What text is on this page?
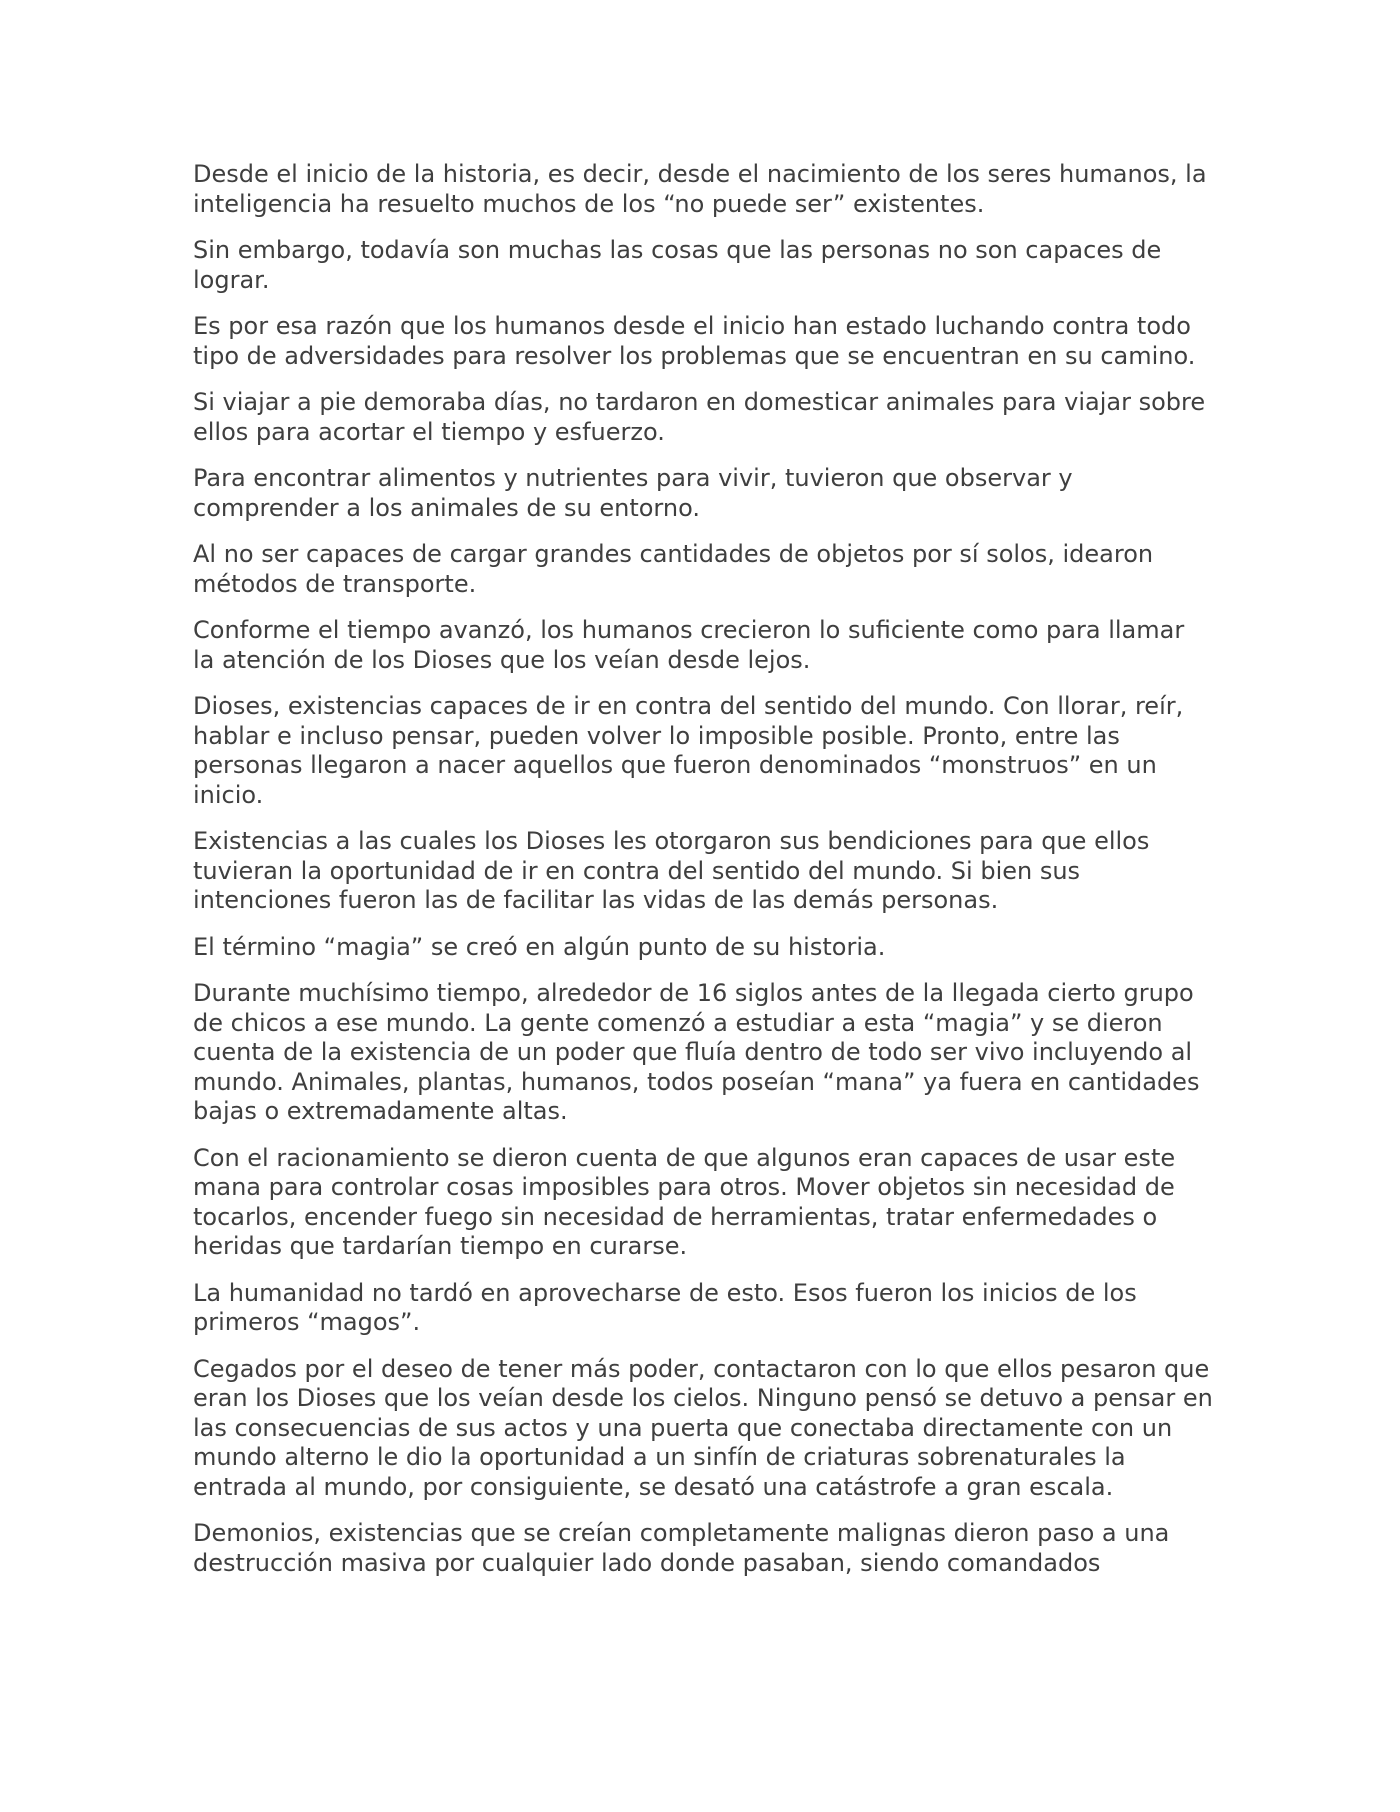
Desde el inicio de la historia, es decir, desde el nacimiento de los seres humanos, la inteligencia ha resuelto muchos de los “no puede ser” existentes.

Sin embargo, todavía son muchas las cosas que las personas no son capaces de lograr.

Es por esa razón que los humanos desde el inicio han estado luchando contra todo tipo de adversidades para resolver los problemas que se encuentran en su camino.

Si viajar a pie demoraba días, no tardaron en domesticar animales para viajar sobre ellos para acortar el tiempo y esfuerzo.

Para encontrar alimentos y nutrientes para vivir, tuvieron que observar y comprender a los animales de su entorno.

Al no ser capaces de cargar grandes cantidades de objetos por sí solos, idearon métodos de transporte.

Conforme el tiempo avanzó, los humanos crecieron lo suficiente como para llamar la atención de los Dioses que los veían desde lejos.

Dioses, existencias capaces de ir en contra del sentido del mundo. Con llorar, reír, hablar e incluso pensar, pueden volver lo imposible posible. Pronto, entre las personas llegaron a nacer aquellos que fueron denominados “monstruos” en un inicio.

Existencias a las cuales los Dioses les otorgaron sus bendiciones para que ellos tuvieran la oportunidad de ir en contra del sentido del mundo. Si bien sus intenciones fueron las de facilitar las vidas de las demás personas.

El término “magia” se creó en algún punto de su historia.

Durante muchísimo tiempo, alrededor de 16 siglos antes de la llegada cierto grupo de chicos a ese mundo. La gente comenzó a estudiar a esta “magia” y se dieron cuenta de la existencia de un poder que fluía dentro de todo ser vivo incluyendo al mundo. Animales, plantas, humanos, todos poseían “mana” ya fuera en cantidades bajas o extremadamente altas.

Con el racionamiento se dieron cuenta de que algunos eran capaces de usar este mana para controlar cosas imposibles para otros. Mover objetos sin necesidad de tocarlos, encender fuego sin necesidad de herramientas, tratar enfermedades o heridas que tardarían tiempo en curarse.

La humanidad no tardó en aprovecharse de esto. Esos fueron los inicios de los primeros “magos”.

Cegados por el deseo de tener más poder, contactaron con lo que ellos pesaron que eran los Dioses que los veían desde los cielos. Ninguno pensó se detuvo a pensar en las consecuencias de sus actos y una puerta que conectaba directamente con un mundo alterno le dio la oportunidad a un sinfín de criaturas sobrenaturales la entrada al mundo, por consiguiente, se desató una catástrofe a gran escala.

Demonios, existencias que se creían completamente malignas dieron paso a una destrucción masiva por cualquier lado donde pasaban, siendo comandados
